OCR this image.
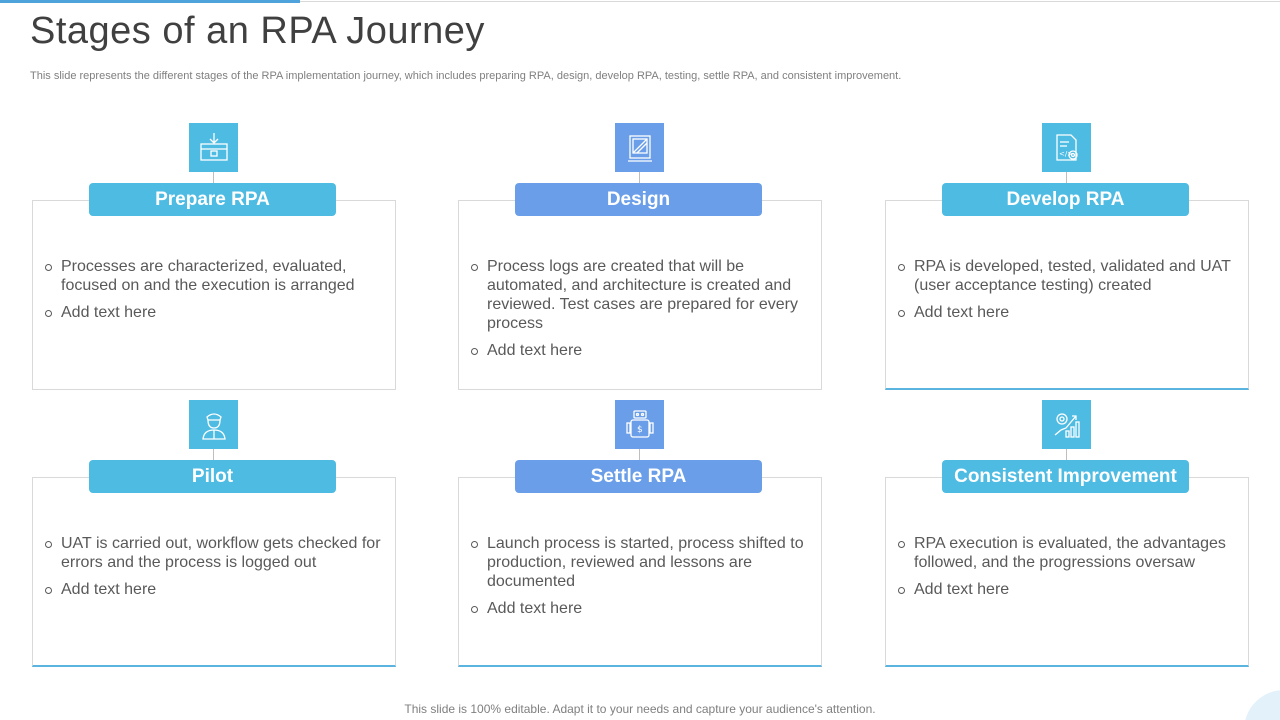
Stages of an RPA Journey

This slide represents the different stages of the RPA implementation journey, which includes preparing RPA, design, develop RPA, testing, settle RPA, and consistent improvement.

Prepare RPA
Processes are characterized, evaluated, focused on and the execution is arranged
Add text here
Design
Process logs are created that will be automated, and architecture is created and reviewed. Test cases are prepared for every process
Add text here
</>
Develop RPA
RPA is developed, tested, validated and UAT (user acceptance testing) created
Add text here
Pilot
UAT is carried out, workflow gets checked for errors and the process is logged out
Add text here
$
Settle RPA
Launch process is started, process shifted to production, reviewed and lessons are documented
Add text here
Consistent Improvement
RPA execution is evaluated, the advantages followed, and the progressions oversaw
Add text here

This slide is 100% editable. Adapt it to your needs and capture your audience's attention.
